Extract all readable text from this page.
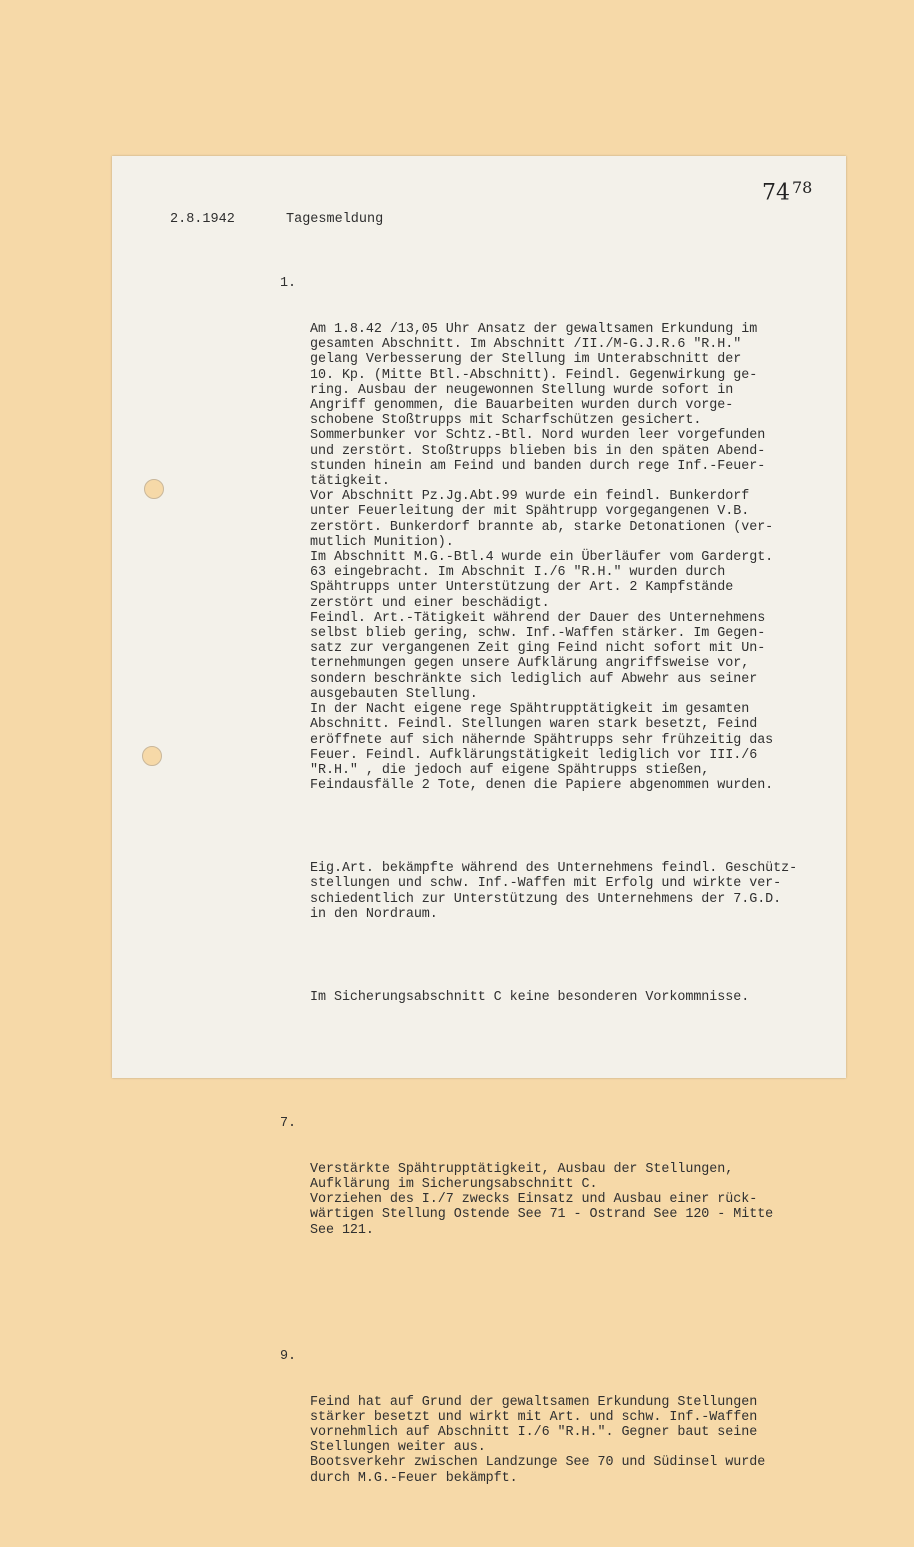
74 78
2.8.1942	Tagesmeldung

1.

Am 1.8.42 /13,05 Uhr Ansatz der gewaltsamen Erkundung im
gesamten Abschnitt. Im Abschnitt /II./M-G.J.R.6 "R.H."
gelang Verbesserung der Stellung im Unterabschnitt der
10. Kp. (Mitte Btl.-Abschnitt). Feindl. Gegenwirkung ge-
ring. Ausbau der neugewonnen Stellung wurde sofort in
Angriff genommen, die Bauarbeiten wurden durch vorge-
schobene Stoßtrupps mit Scharfschützen gesichert.
Sommerbunker vor Schtz.-Btl. Nord wurden leer vorgefunden
und zerstört. Stoßtrupps blieben bis in den späten Abend-
stunden hinein am Feind und banden durch rege Inf.-Feuer-
tätigkeit.
Vor Abschnitt Pz.Jg.Abt.99 wurde ein feindl. Bunkerdorf
unter Feuerleitung der mit Spähtrupp vorgegangenen V.B.
zerstört. Bunkerdorf brannte ab, starke Detonationen (ver-
mutlich Munition).
Im Abschnitt M.G.-Btl.4 wurde ein Überläufer vom Gardergt.
63 eingebracht. Im Abschnit I./6 "R.H." wurden durch
Spähtrupps unter Unterstützung der Art. 2 Kampfstände
zerstört und einer beschädigt.
Feindl. Art.-Tätigkeit während der Dauer des Unternehmens
selbst blieb gering, schw. Inf.-Waffen stärker. Im Gegen-
satz zur vergangenen Zeit ging Feind nicht sofort mit Un-
ternehmungen gegen unsere Aufklärung angriffsweise vor,
sondern beschränkte sich lediglich auf Abwehr aus seiner
ausgebauten Stellung.
In der Nacht eigene rege Spähtrupptätigkeit im gesamten
Abschnitt. Feindl. Stellungen waren stark besetzt, Feind
eröffnete auf sich nähernde Spähtrupps sehr frühzeitig das
Feuer. Feindl. Aufklärungstätigkeit lediglich vor III./6
"R.H." , die jedoch auf eigene Spähtrupps stießen,
Feindausfälle 2 Tote, denen die Papiere abgenommen wurden.

Eig.Art. bekämpfte während des Unternehmens feindl. Geschütz-
stellungen und schw. Inf.-Waffen mit Erfolg und wirkte ver-
schiedentlich zur Unterstützung des Unternehmens der 7.G.D.
in den Nordraum.

Im Sicherungsabschnitt C keine besonderen Vorkommnisse.

7.

Verstärkte Spähtrupptätigkeit, Ausbau der Stellungen,
Aufklärung im Sicherungsabschnitt C.
Vorziehen des I./7 zwecks Einsatz und Ausbau einer rück-
wärtigen Stellung Ostende See 71 - Ostrand See 120 - Mitte
See 121.

9.

Feind hat auf Grund der gewaltsamen Erkundung Stellungen
stärker besetzt und wirkt mit Art. und schw. Inf.-Waffen
vornehmlich auf Abschnitt I./6 "R.H.". Gegner baut seine
Stellungen weiter aus.
Bootsverkehr zwischen Landzunge See 70 und Südinsel wurde
durch M.G.-Feuer bekämpft.
